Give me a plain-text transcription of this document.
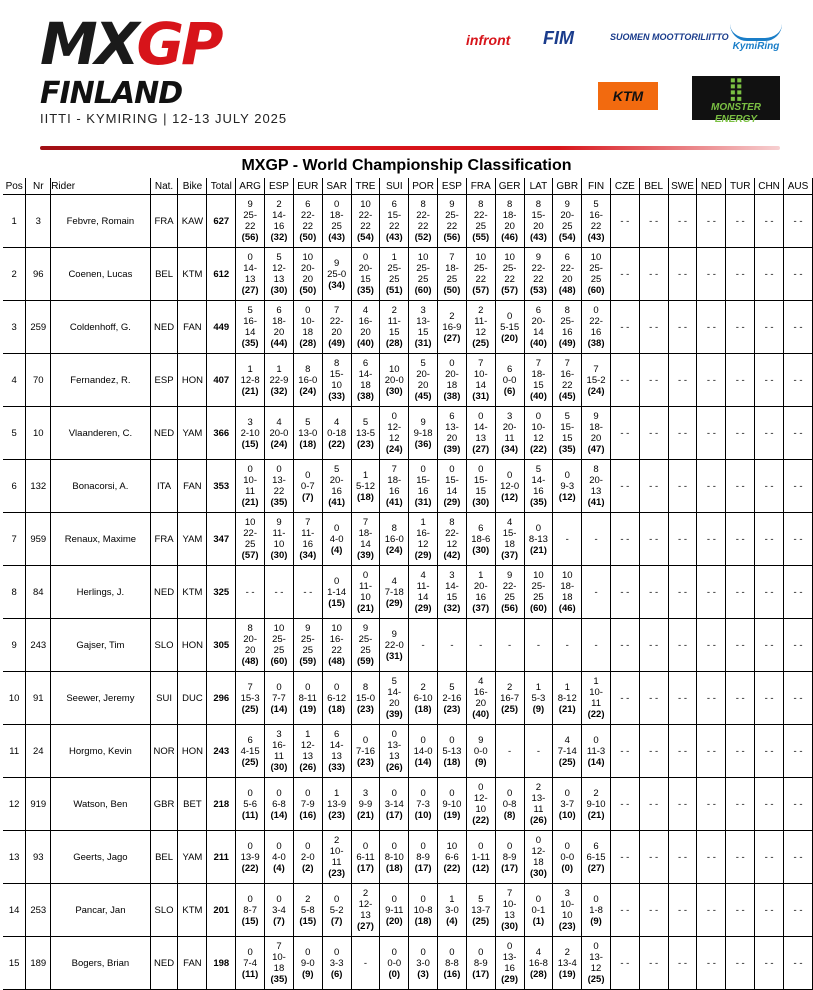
MXGP
FINLAND
IITTI - KYMIRING | 12-13 JULY 2025
infront FIM	SUOMEN MOOTTORILIITTO
KymiRing
KTM	⣿
MONSTER ENERGY
MXGP - World Championship Classification
Pos	Nr	Rider	Nat.	Bike	Total	ARG	ESP	EUR	SAR	TRE	SUI	POR	ESP	FRA	GER	LAT	GBR	FIN	CZE	BEL	SWE	NED	TUR	CHN	AUS
1	3	Febvre, Romain	FRA	KAW	627	9
25-
22
(56)	2
14-
16
(32)	6
22-
22
(50)	0
18-
25
(43)	10
22-
22
(54)	6
15-
22
(43)	8
22-
22
(52)	9
25-
22
(56)	8
22-
25
(55)	8
18-
20
(46)	8
15-
20
(43)	9
20-
25
(54)	5
16-
22
(43)	- -	- -	- -	- -	- -	- -	- -
2	96	Coenen, Lucas	BEL	KTM	612	0
14-
13
(27)	5
12-
13
(30)	10
20-
20
(50)	9
25-0
(34)	0
20-
15
(35)	1
25-
25
(51)	10
25-
25
(60)	7
18-
25
(50)	10
25-
22
(57)	10
25-
22
(57)	9
22-
22
(53)	6
22-
20
(48)	10
25-
25
(60)	- -	- -	- -	- -	- -	- -	- -
3	259	Coldenhoff, G.	NED	FAN	449	5
16-
14
(35)	6
18-
20
(44)	0
10-
18
(28)	7
22-
20
(49)	4
16-
20
(40)	2
11-
15
(28)	3
13-
15
(31)	2
16-9
(27)	2
11-
12
(25)	0
5-15
(20)	6
20-
14
(40)	8
25-
16
(49)	0
22-
16
(38)	- -	- -	- -	- -	- -	- -	- -
4	70	Fernandez, R.	ESP	HON	407	1
12-8
(21)	1
22-9
(32)	8
16-0
(24)	8
15-
10
(33)	6
14-
18
(38)	10
20-0
(30)	5
20-
20
(45)	0
20-
18
(38)	7
10-
14
(31)	6
0-0
(6)	7
18-
15
(40)	7
16-
22
(45)	7
15-2
(24)	- -	- -	- -	- -	- -	- -	- -
5	10	Vlaanderen, C.	NED	YAM	366	3
2-10
(15)	4
20-0
(24)	5
13-0
(18)	4
0-18
(22)	5
13-5
(23)	0
12-
12
(24)	9
9-18
(36)	6
13-
20
(39)	0
14-
13
(27)	3
20-
11
(34)	0
10-
12
(22)	5
15-
15
(35)	9
18-
20
(47)	- -	- -	- -	- -	- -	- -	- -
6	132	Bonacorsi, A.	ITA	FAN	353	0
10-
11
(21)	0
13-
22
(35)	0
0-7
(7)	5
20-
16
(41)	1
5-12
(18)	7
18-
16
(41)	0
15-
16
(31)	0
15-
14
(29)	0
15-
15
(30)	0
12-0
(12)	5
14-
16
(35)	0
9-3
(12)	8
20-
13
(41)	- -	- -	- -	- -	- -	- -	- -
7	959	Renaux, Maxime	FRA	YAM	347	10
22-
25
(57)	9
11-
10
(30)	7
11-
16
(34)	0
4-0
(4)	7
18-
14
(39)	8
16-0
(24)	1
16-
12
(29)	8
22-
12
(42)	6
18-6
(30)	4
15-
18
(37)	0
8-13
(21)	-	-	- -	- -	- -	- -	- -	- -	- -
8	84	Herlings, J.	NED	KTM	325	- -	- -	- -	0
1-14
(15)	0
11-
10
(21)	4
7-18
(29)	4
11-
14
(29)	3
14-
15
(32)	1
20-
16
(37)	9
22-
25
(56)	10
25-
25
(60)	10
18-
18
(46)	-	- -	- -	- -	- -	- -	- -	- -
9	243	Gajser, Tim	SLO	HON	305	8
20-
20
(48)	10
25-
25
(60)	9
25-
25
(59)	10
16-
22
(48)	9
25-
25
(59)	9
22-0
(31)	-	-	-	-	-	-	-	- -	- -	- -	- -	- -	- -	- -
10	91	Seewer, Jeremy	SUI	DUC	296	7
15-3
(25)	0
7-7
(14)	0
8-11
(19)	0
6-12
(18)	8
15-0
(23)	5
14-
20
(39)	2
6-10
(18)	5
2-16
(23)	4
16-
20
(40)	2
16-7
(25)	1
5-3
(9)	1
8-12
(21)	1
10-
11
(22)	- -	- -	- -	- -	- -	- -	- -
11	24	Horgmo, Kevin	NOR	HON	243	6
4-15
(25)	3
16-
11
(30)	1
12-
13
(26)	6
14-
13
(33)	0
7-16
(23)	0
13-
13
(26)	0
14-0
(14)	0
5-13
(18)	9
0-0
(9)	-	-	4
7-14
(25)	0
11-3
(14)	- -	- -	- -	- -	- -	- -	- -
12	919	Watson, Ben	GBR	BET	218	0
5-6
(11)	0
6-8
(14)	0
7-9
(16)	1
13-9
(23)	3
9-9
(21)	0
3-14
(17)	0
7-3
(10)	0
9-10
(19)	0
12-
10
(22)	0
0-8
(8)	2
13-
11
(26)	0
3-7
(10)	2
9-10
(21)	- -	- -	- -	- -	- -	- -	- -
13	93	Geerts, Jago	BEL	YAM	211	0
13-9
(22)	0
4-0
(4)	0
2-0
(2)	2
10-
11
(23)	0
6-11
(17)	0
8-10
(18)	0
8-9
(17)	10
6-6
(22)	0
1-11
(12)	0
8-9
(17)	0
12-
18
(30)	0
0-0
(0)	6
6-15
(27)	- -	- -	- -	- -	- -	- -	- -
14	253	Pancar, Jan	SLO	KTM	201	0
8-7
(15)	0
3-4
(7)	2
5-8
(15)	0
5-2
(7)	2
12-
13
(27)	0
9-11
(20)	0
10-8
(18)	1
3-0
(4)	5
13-7
(25)	7
10-
13
(30)	0
0-1
(1)	3
10-
10
(23)	0
1-8
(9)	- -	- -	- -	- -	- -	- -	- -
15	189	Bogers, Brian	NED	FAN	198	0
7-4
(11)	7
10-
18
(35)	0
9-0
(9)	0
3-3
(6)	-	0
0-0
(0)	0
3-0
(3)	0
8-8
(16)	0
8-9
(17)	0
13-
16
(29)	4
16-8
(28)	2
13-4
(19)	0
13-
12
(25)	- -	- -	- -	- -	- -	- -	- -
